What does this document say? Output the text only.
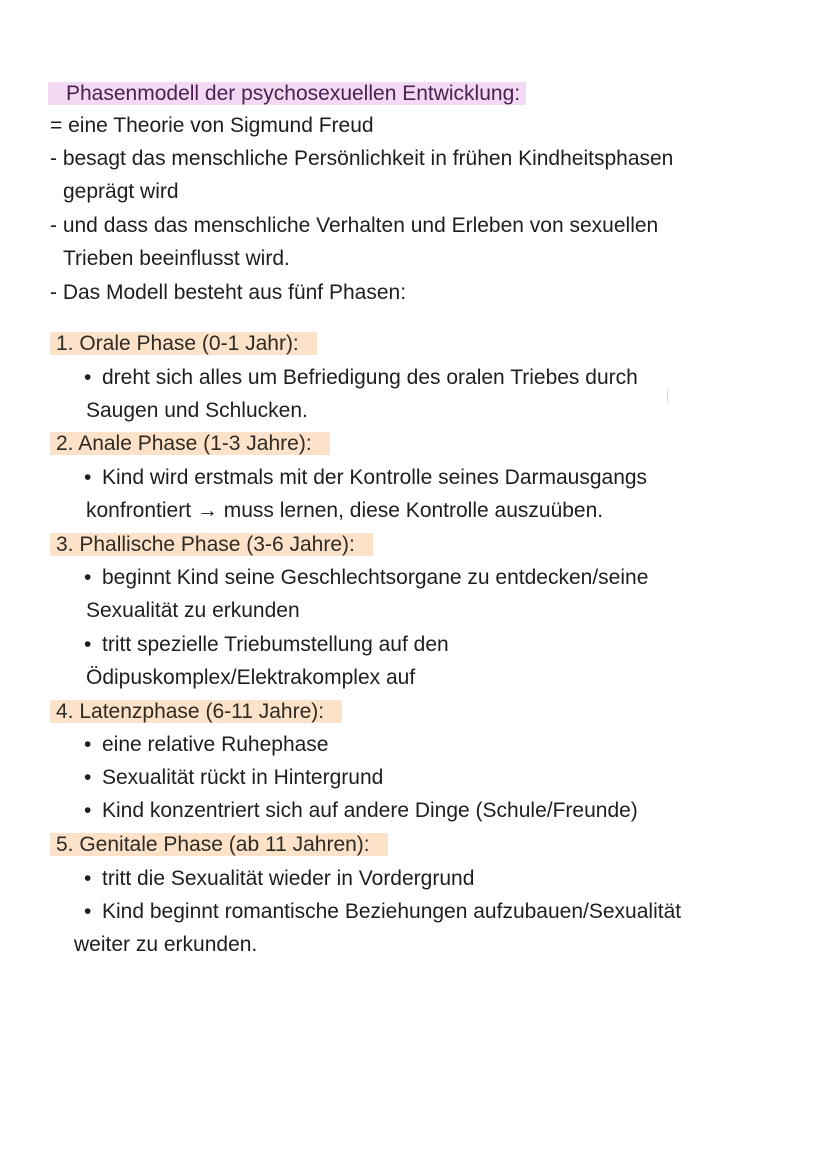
Phasenmodell der psychosexuellen Entwicklung:
= eine Theorie von Sigmund Freud
- besagt das menschliche Persönlichkeit in frühen Kindheitsphasen
geprägt wird
- und dass das menschliche Verhalten und Erleben von sexuellen
Trieben beeinflusst wird.
- Das Modell besteht aus fünf Phasen:
1. Orale Phase (0-1 Jahr):
• dreht sich alles um Befriedigung des oralen Triebes durch
Saugen und Schlucken.
2. Anale Phase (1-3 Jahre):
• Kind wird erstmals mit der Kontrolle seines Darmausgangs
konfrontiert → muss lernen, diese Kontrolle auszuüben.
3. Phallische Phase (3-6 Jahre):
• beginnt Kind seine Geschlechtsorgane zu entdecken/seine
Sexualität zu erkunden
• tritt spezielle Triebumstellung auf den
Ödipuskomplex/Elektrakomplex auf
4. Latenzphase (6-11 Jahre):
• eine relative Ruhephase
• Sexualität rückt in Hintergrund
• Kind konzentriert sich auf andere Dinge (Schule/Freunde)
5. Genitale Phase (ab 11 Jahren):
• tritt die Sexualität wieder in Vordergrund
• Kind beginnt romantische Beziehungen aufzubauen/Sexualität
weiter zu erkunden.
